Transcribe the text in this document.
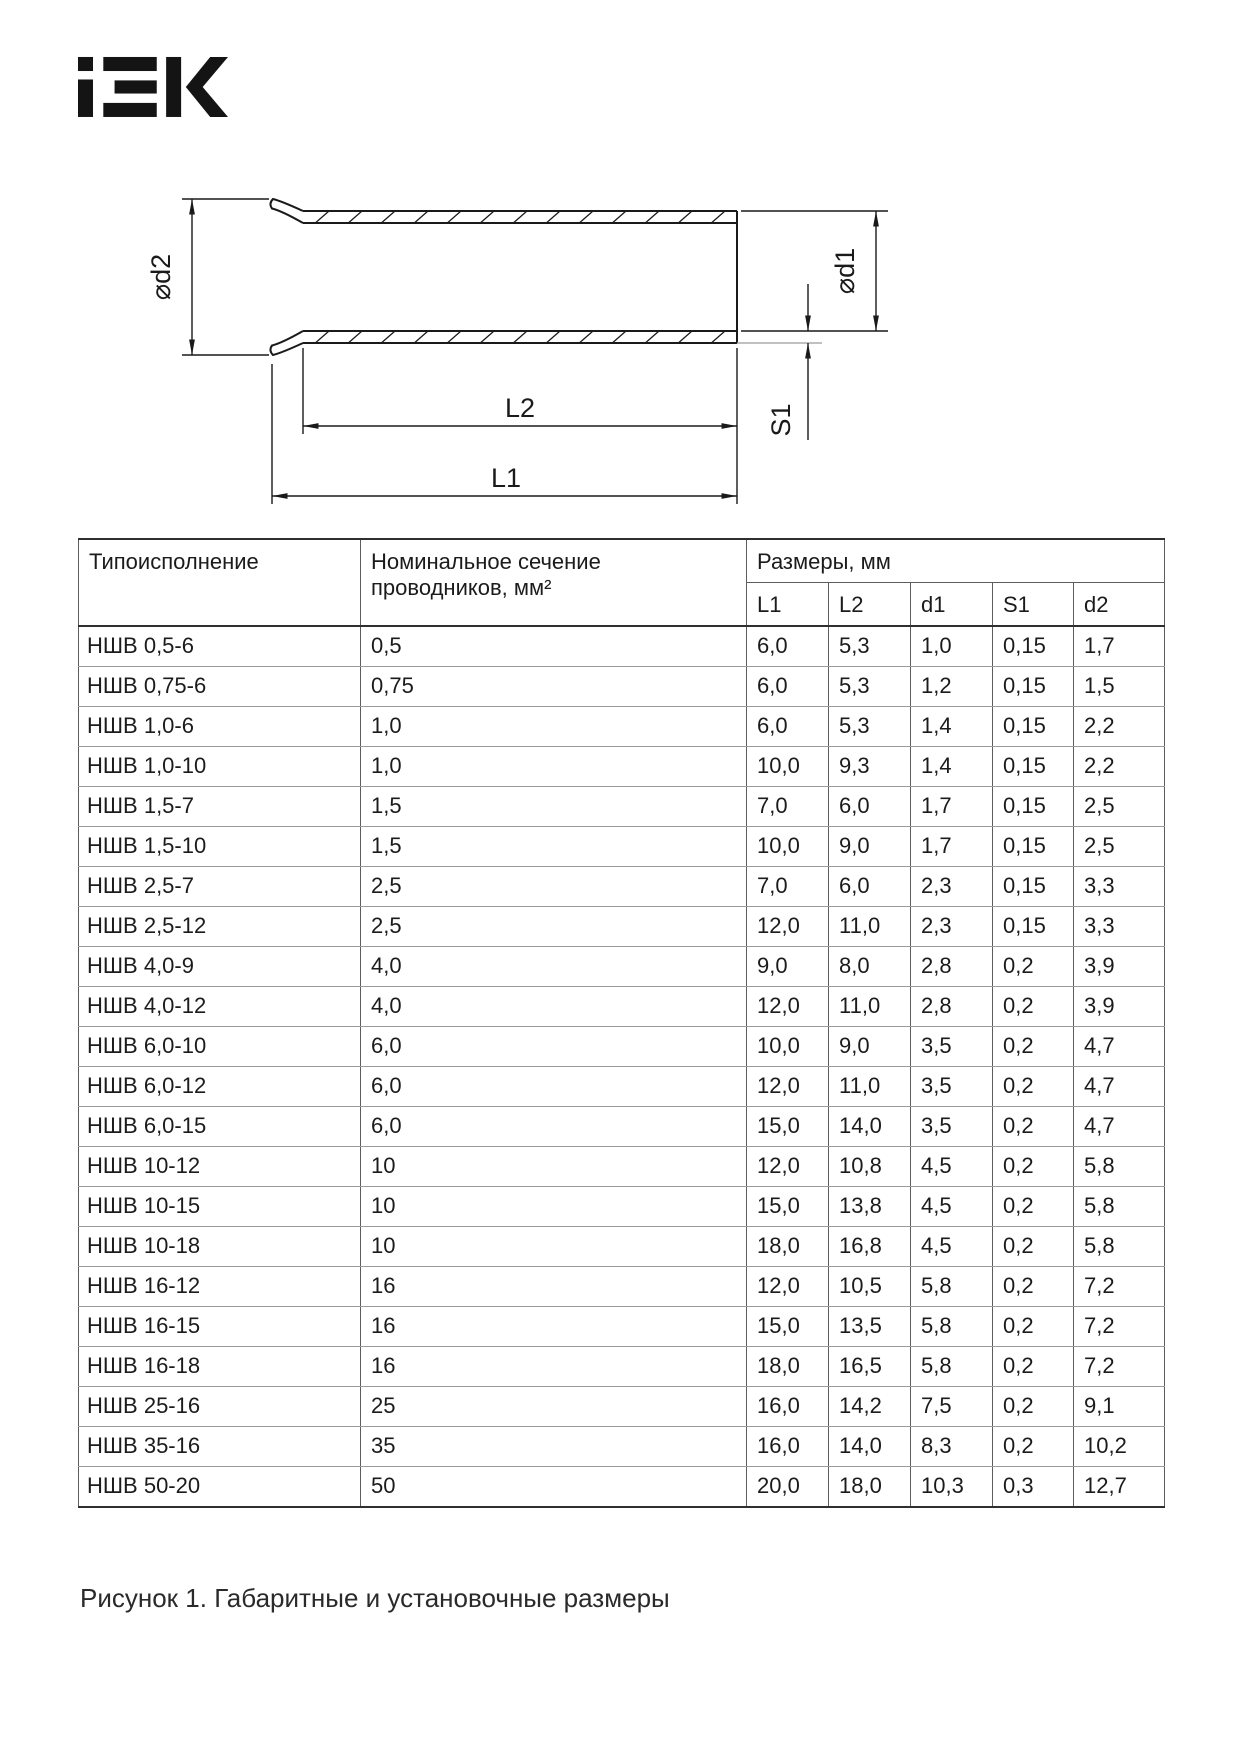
⌀d2	⌀d1
S1
L2
L1
Типоисполнение	Номинальное сечение проводников, мм²	Размеры, мм				
		L1	L2	d1	S1	d2
НШВ 0,5-6	0,5	6,0	5,3	1,0	0,15	1,7
НШВ 0,75-6	0,75	6,0	5,3	1,2	0,15	1,5
НШВ 1,0-6	1,0	6,0	5,3	1,4	0,15	2,2
НШВ 1,0-10	1,0	10,0	9,3	1,4	0,15	2,2
НШВ 1,5-7	1,5	7,0	6,0	1,7	0,15	2,5
НШВ 1,5-10	1,5	10,0	9,0	1,7	0,15	2,5
НШВ 2,5-7	2,5	7,0	6,0	2,3	0,15	3,3
НШВ 2,5-12	2,5	12,0	11,0	2,3	0,15	3,3
НШВ 4,0-9	4,0	9,0	8,0	2,8	0,2	3,9
НШВ 4,0-12	4,0	12,0	11,0	2,8	0,2	3,9
НШВ 6,0-10	6,0	10,0	9,0	3,5	0,2	4,7
НШВ 6,0-12	6,0	12,0	11,0	3,5	0,2	4,7
НШВ 6,0-15	6,0	15,0	14,0	3,5	0,2	4,7
НШВ 10-12	10	12,0	10,8	4,5	0,2	5,8
НШВ 10-15	10	15,0	13,8	4,5	0,2	5,8
НШВ 10-18	10	18,0	16,8	4,5	0,2	5,8
НШВ 16-12	16	12,0	10,5	5,8	0,2	7,2
НШВ 16-15	16	15,0	13,5	5,8	0,2	7,2
НШВ 16-18	16	18,0	16,5	5,8	0,2	7,2
НШВ 25-16	25	16,0	14,2	7,5	0,2	9,1
НШВ 35-16	35	16,0	14,0	8,3	0,2	10,2
НШВ 50-20	50	20,0	18,0	10,3	0,3	12,7
Рисунок 1. Габаритные и установочные размеры
